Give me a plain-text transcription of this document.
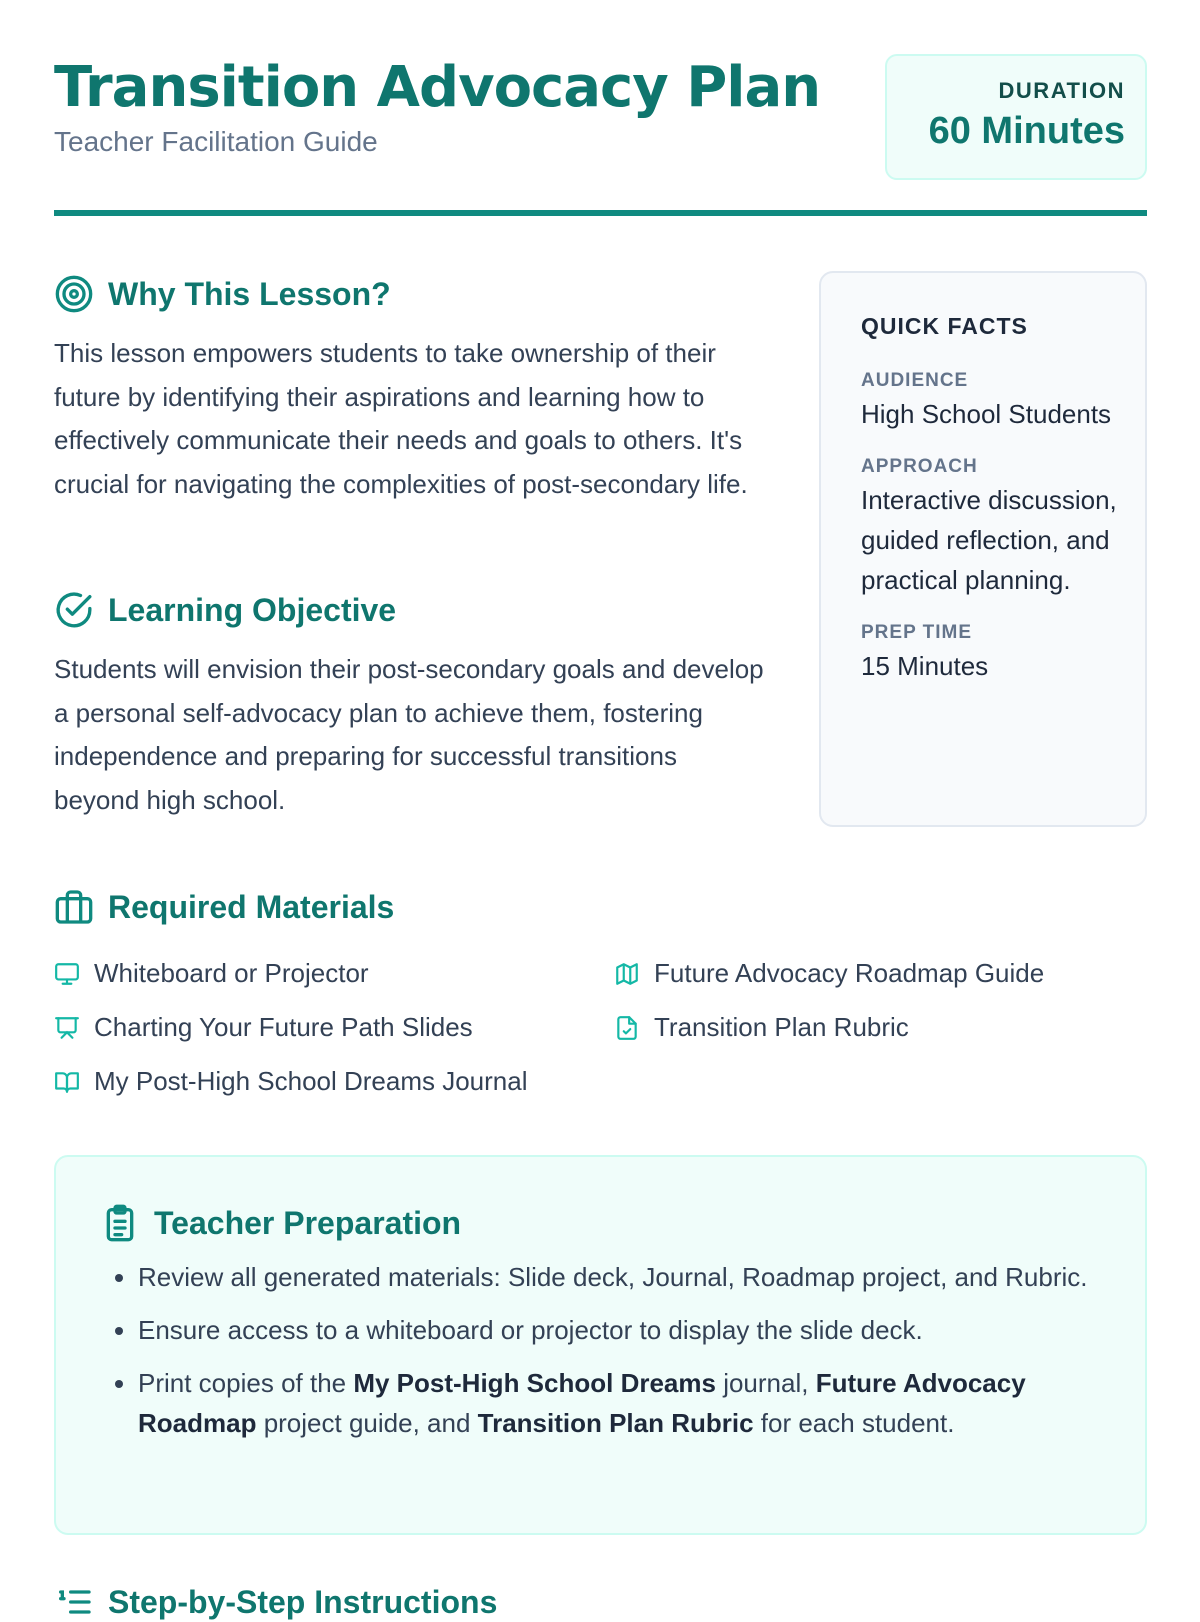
Transition Advocacy Plan
Teacher Facilitation Guide
DURATION
60 Minutes
Why This Lesson?

This lesson empowers students to take ownership of their future by identifying their aspirations and learning how to effectively communicate their needs and goals to others. It's crucial for navigating the complexities of post-secondary life.

Learning Objective

Students will envision their post-secondary goals and develop a personal self-advocacy plan to achieve them, fostering independence and preparing for successful transitions beyond high school.

QUICK FACTS
AUDIENCE
High School Students
APPROACH
Interactive discussion, guided reflection, and practical planning.
PREP TIME
15 Minutes
Required Materials
Whiteboard or Projector	Future Advocacy Roadmap Guide
Charting Your Future Path Slides	Transition Plan Rubric
My Post-High School Dreams Journal
Teacher Preparation
• Review all generated materials: Slide deck, Journal, Roadmap project, and Rubric.
• Ensure access to a whiteboard or projector to display the slide deck.
• Print copies of the My Post-High School Dreams journal, Future Advocacy Roadmap project guide, and Transition Plan Rubric for each student.
Step-by-Step Instructions
